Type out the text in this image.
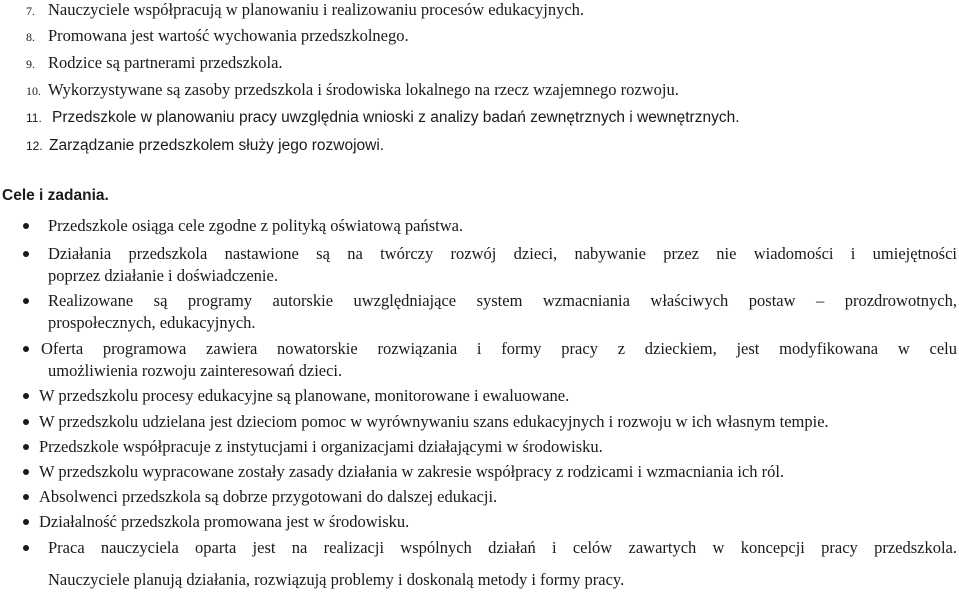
7. Nauczyciele współpracują w planowaniu i realizowaniu procesów edukacyjnych.
8. Promowana jest wartość wychowania przedszkolnego.
9. Rodzice są partnerami przedszkola.
10. Wykorzystywane są zasoby przedszkola i środowiska lokalnego na rzecz wzajemnego rozwoju.
11. Przedszkole w planowaniu pracy uwzględnia wnioski z analizy badań zewnętrznych i wewnętrznych.
12. Zarządzanie przedszkolem służy jego rozwojowi.
Cele i zadania.
Przedszkole osiąga cele zgodne z polityką oświatową państwa.
Działania przedszkola nastawione są na twórczy rozwój dzieci, nabywanie przez nie wiadomości i umiejętności
poprzez działanie i doświadczenie.
Realizowane są programy autorskie uwzględniające system wzmacniania właściwych postaw – prozdrowotnych,
prospołecznych, edukacyjnych.
Oferta programowa zawiera nowatorskie rozwiązania i formy pracy z dzieckiem, jest modyfikowana w celu
umożliwienia rozwoju zainteresowań dzieci.
W przedszkolu procesy edukacyjne są planowane, monitorowane i ewaluowane.
W przedszkolu udzielana jest dzieciom pomoc w wyrównywaniu szans edukacyjnych i rozwoju w ich własnym tempie.
Przedszkole współpracuje z instytucjami i organizacjami działającymi w środowisku.
W przedszkolu wypracowane zostały zasady działania w zakresie współpracy z rodzicami i wzmacniania ich ról.
Absolwenci przedszkola są dobrze przygotowani do dalszej edukacji.
Działalność przedszkola promowana jest w środowisku.
Praca nauczyciela oparta jest na realizacji wspólnych działań i celów zawartych w koncepcji pracy przedszkola.
Nauczyciele planują działania, rozwiązują problemy i doskonalą metody i formy pracy.
